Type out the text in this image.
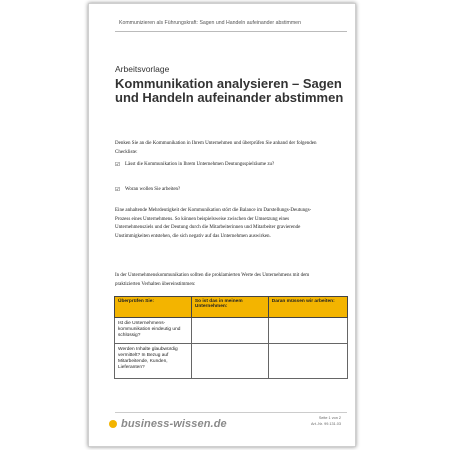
Kommunizieren als Führungskraft: Sagen und Handeln aufeinander abstimmen
Arbeitsvorlage
Kommunikation analysieren – Sagen und Handeln aufeinander abstimmen

Denken Sie an die Kommunikation in Ihrem Unternehmen und überprüfen Sie anhand der folgenden Checkliste:

☑	Lässt die Kommunikation in Ihrem Unternehmen Deutungsspielräume zu?
☑	Woran wollen Sie arbeiten?

Eine anhaltende Mehrdeutigkeit der Kommunikation stört die Balance im Darstellungs-Deutungs-Prozess eines Unternehmens. So können beispielsweise zwischen der Umsetzung eines Unternehmensziels und der Deutung durch die Mitarbeiterinnen und Mitarbeiter gravierende Unstimmigkeiten entstehen, die sich negativ auf das Unternehmen auswirken.

In der Unternehmenskommunikation sollten die proklamierten Werte des Unternehmens mit dem praktizierten Verhalten übereinstimmen:

Überprüfen Sie:	So ist das in meinem Unternehmen:	Daran müssen wir arbeiten:
Ist die Unternehmens-kommunikation eindeutig und schlüssig?		
Werden Inhalte glaubwürdig vermittelt? In Bezug auf Mitarbeitende, Kunden, Lieferanten?		
business-wissen.de	Seite 1 von 2
Art.-Nr. 99.131.03
